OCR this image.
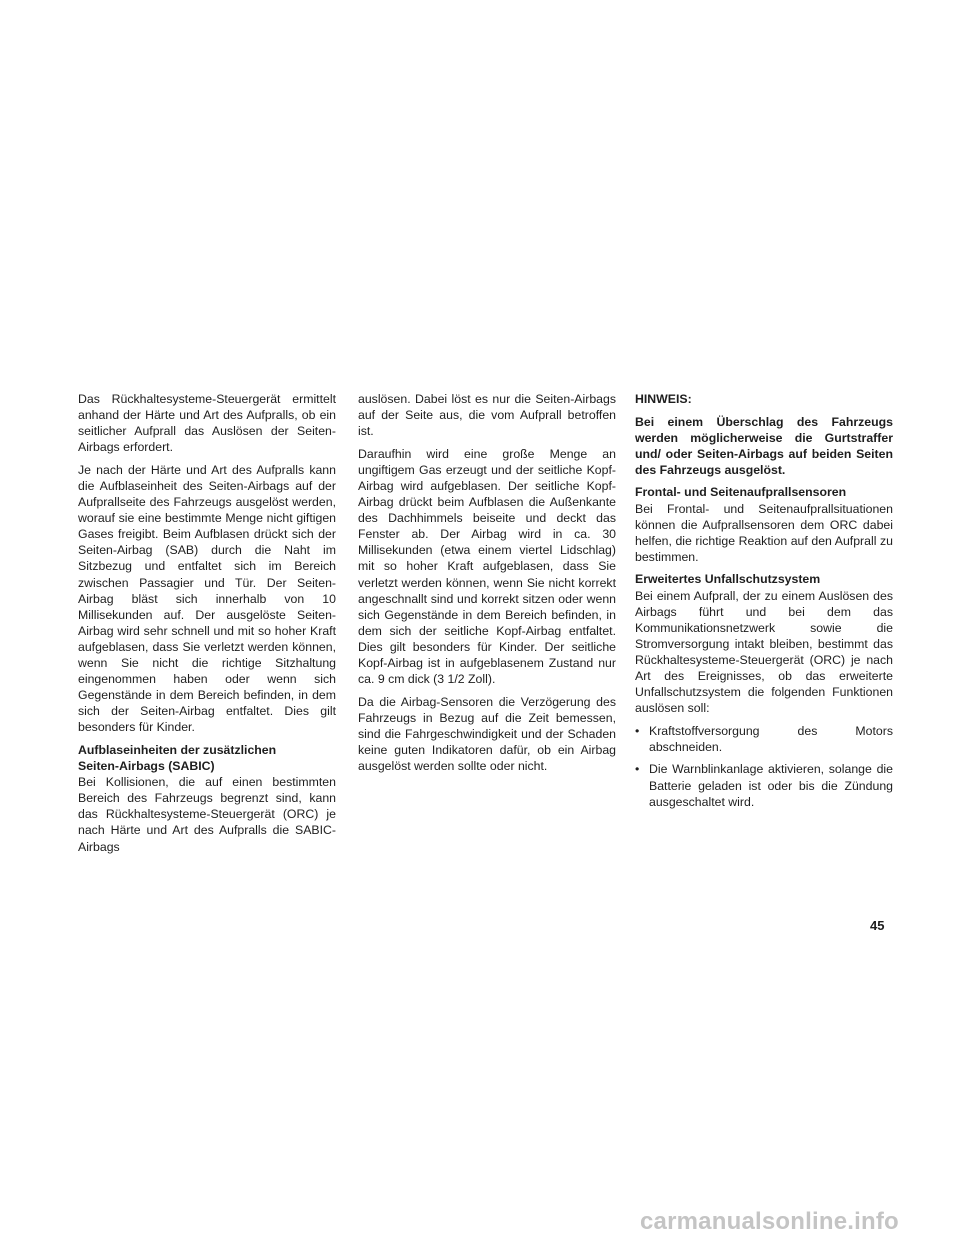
Das Rückhaltesysteme-Steuergerät ermittelt anhand der Härte und Art des Aufpralls, ob ein seitlicher Aufprall das Auslösen der Seiten-Airbags erfordert.

Je nach der Härte und Art des Aufpralls kann die Aufblaseinheit des Seiten-Airbags auf der Aufprallseite des Fahrzeugs ausgelöst werden, worauf sie eine bestimmte Menge nicht giftigen Gases freigibt. Beim Aufblasen drückt sich der Seiten-Airbag (SAB) durch die Naht im Sitzbezug und entfaltet sich im Bereich zwischen Passagier und Tür. Der Seiten-Airbag bläst sich innerhalb von 10 Millisekunden auf. Der ausgelöste Seiten-Airbag wird sehr schnell und mit so hoher Kraft aufgeblasen, dass Sie verletzt werden können, wenn Sie nicht die richtige Sitzhaltung eingenommen haben oder wenn sich Gegenstände in dem Bereich befinden, in dem sich der Seiten-Airbag entfaltet. Dies gilt besonders für Kinder.

Aufblaseinheiten der zusätzlichen
Seiten-Airbags (SABIC)

Bei Kollisionen, die auf einen bestimmten Bereich des Fahrzeugs begrenzt sind, kann das Rückhaltesysteme-Steuergerät (ORC) je nach Härte und Art des Aufpralls die SABIC-Airbags

auslösen. Dabei löst es nur die Seiten-Airbags auf der Seite aus, die vom Aufprall betroffen ist.

Daraufhin wird eine große Menge an ungiftigem Gas erzeugt und der seitliche Kopf-Airbag wird aufgeblasen. Der seitliche Kopf-Airbag drückt beim Aufblasen die Außenkante des Dachhimmels beiseite und deckt das Fenster ab. Der Airbag wird in ca. 30 Millisekunden (etwa einem viertel Lidschlag) mit so hoher Kraft aufgeblasen, dass Sie verletzt werden können, wenn Sie nicht korrekt angeschnallt sind und korrekt sitzen oder wenn sich Gegenstände in dem Bereich befinden, in dem sich der seitliche Kopf-Airbag entfaltet. Dies gilt besonders für Kinder. Der seitliche Kopf-Airbag ist in aufgeblasenem Zustand nur ca. 9 cm dick (3 1/2 Zoll).

Da die Airbag-Sensoren die Verzögerung des Fahrzeugs in Bezug auf die Zeit bemessen, sind die Fahrgeschwindigkeit und der Schaden keine guten Indikatoren dafür, ob ein Airbag ausgelöst werden sollte oder nicht.

HINWEIS:

Bei einem Überschlag des Fahrzeugs werden möglicherweise die Gurtstraffer und/ oder Seiten-Airbags auf beiden Seiten des Fahrzeugs ausgelöst.

Frontal- und Seitenaufprallsensoren

Bei Frontal- und Seitenaufprallsituationen können die Aufprallsensoren dem ORC dabei helfen, die richtige Reaktion auf den Aufprall zu bestimmen.

Erweitertes Unfallschutzsystem

Bei einem Aufprall, der zu einem Auslösen des Airbags führt und bei dem das Kommunikationsnetzwerk sowie die Stromversorgung intakt bleiben, bestimmt das Rückhaltesysteme-Steuergerät (ORC) je nach Art des Ereignisses, ob das erweiterte Unfallschutzsystem die folgenden Funktionen auslösen soll:

• Kraftstoffversorgung des Motors abschneiden.
• Die Warnblinkanlage aktivieren, solange die Batterie geladen ist oder bis die Zündung ausgeschaltet wird.
45
carmanualsonline.info
